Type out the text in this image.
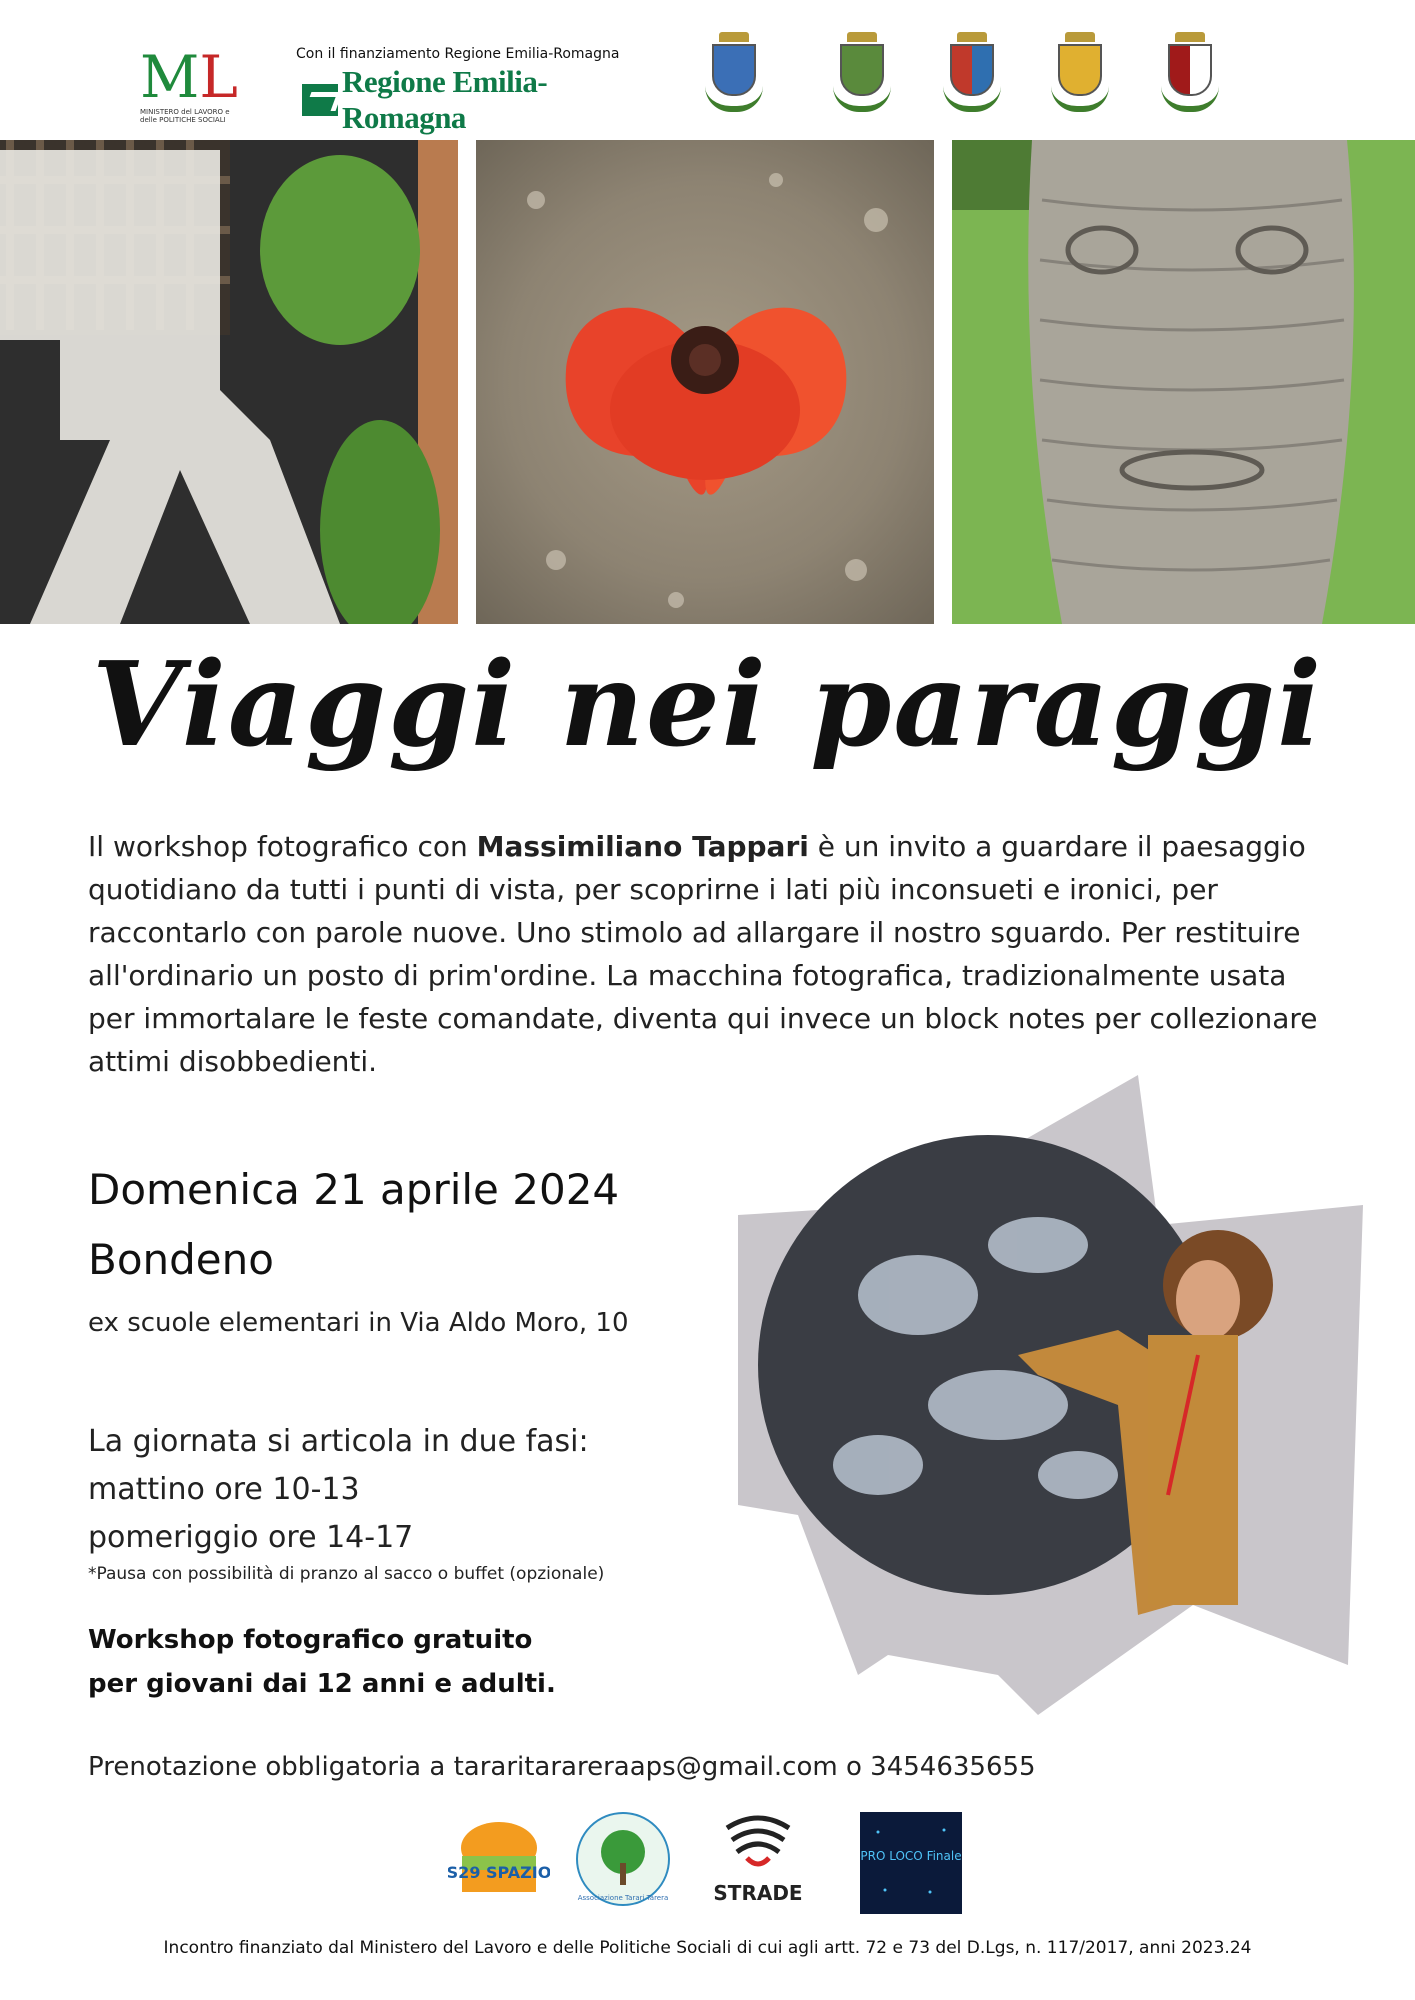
ML
MINISTERO del LAVORO e delle POLITICHE SOCIALI
Con il finanziamento Regione Emilia-Romagna
Regione Emilia-Romagna
Viaggi nei paraggi
Il workshop fotografico con Massimiliano Tappari è un invito a guardare il paesaggio quotidiano da tutti i punti di vista, per scoprirne i lati più inconsueti e ironici, per raccontarlo con parole nuove. Uno stimolo ad allargare il nostro sguardo. Per restituire all'ordinario un posto di prim'ordine. La macchina fotografica, tradizionalmente usata per immortalare le feste comandate, diventa qui invece un block notes per collezionare attimi disobbedienti.
Domenica 21 aprile 2024
Bondeno
ex scuole elementari in Via Aldo Moro, 10
La giornata si articola in due fasi:
mattino ore 10-13
pomeriggio ore 14-17
*Pausa con possibilità di pranzo al sacco o buffet (opzionale)
Workshop fotografico gratuito
per giovani dai 12 anni e adulti.
Prenotazione obbligatoria a tararitarareraaps@gmail.com o 3454635655
S29 SPAZIO
Associazione Tarari Tarera STRADE
PRO LOCO Finale
Incontro finanziato dal Ministero del Lavoro e delle Politiche Sociali di cui agli artt. 72 e 73 del D.Lgs, n. 117/2017, anni 2023.24
